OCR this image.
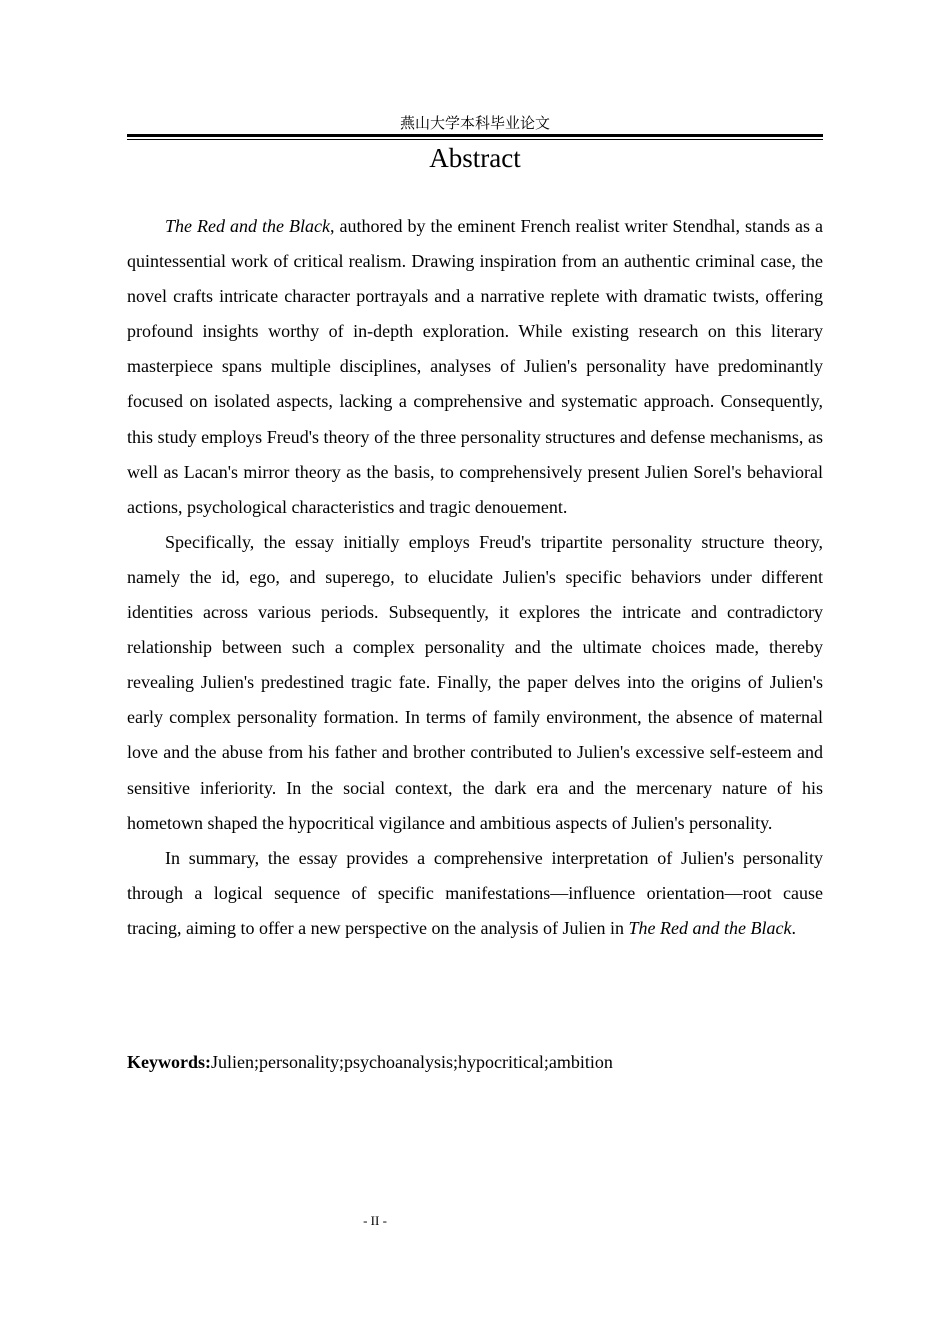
燕山大学本科毕业论文
Abstract

The Red and the Black, authored by the eminent French realist writer Stendhal, stands as a quintessential work of critical realism. Drawing inspiration from an authentic criminal case, the novel crafts intricate character portrayals and a narrative replete with dramatic twists, offering profound insights worthy of in-depth exploration. While existing research on this literary masterpiece spans multiple disciplines, analyses of Julien's personality have predominantly focused on isolated aspects, lacking a comprehensive and systematic approach. Consequently, this study employs Freud's theory of the three personality structures and defense mechanisms, as well as Lacan's mirror theory as the basis, to comprehensively present Julien Sorel's behavioral actions, psychological characteristics and tragic denouement.

Specifically, the essay initially employs Freud's tripartite personality structure theory, namely the id, ego, and superego, to elucidate Julien's specific behaviors under different identities across various periods. Subsequently, it explores the intricate and contradictory relationship between such a complex personality and the ultimate choices made, thereby revealing Julien's predestined tragic fate. Finally, the paper delves into the origins of Julien's early complex personality formation. In terms of family environment, the absence of maternal love and the abuse from his father and brother contributed to Julien's excessive self-esteem and sensitive inferiority. In the social context, the dark era and the mercenary nature of his hometown shaped the hypocritical vigilance and ambitious aspects of Julien's personality.

In summary, the essay provides a comprehensive interpretation of Julien's personality through a logical sequence of specific manifestations—influence orientation—root cause tracing, aiming to offer a new perspective on the analysis of Julien in The Red and the Black.

Keywords:Julien;personality;psychoanalysis;hypocritical;ambition

- II -
